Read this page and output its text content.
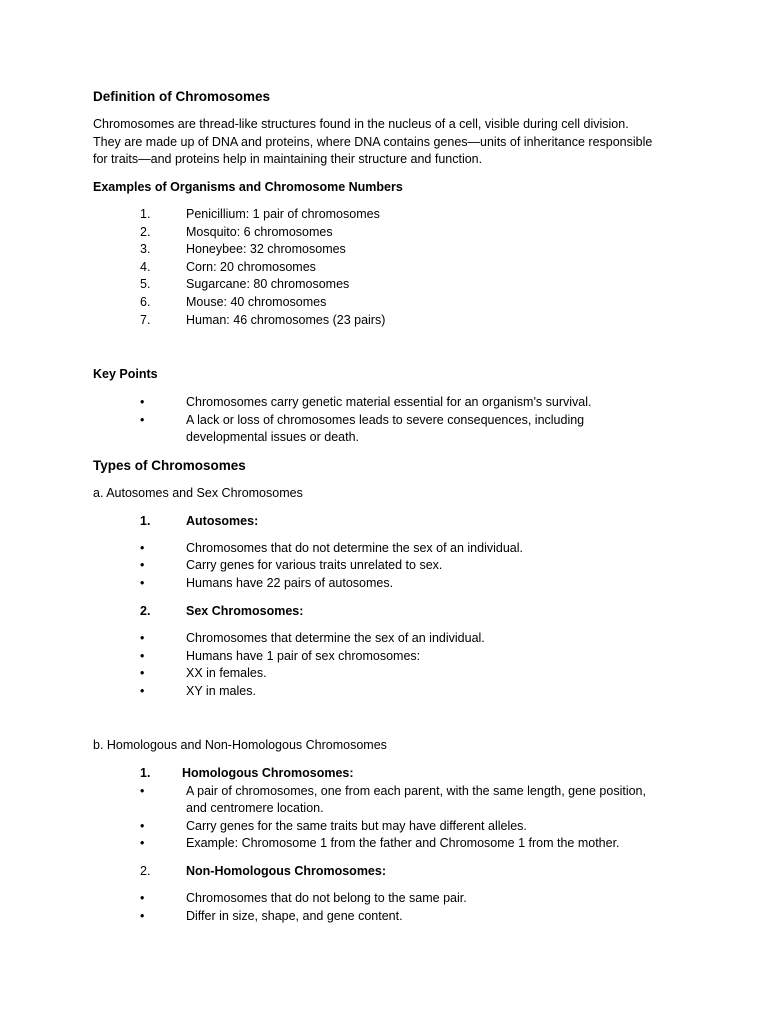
Definition of Chromosomes

Chromosomes are thread-like structures found in the nucleus of a cell, visible during cell division.

They are made up of DNA and proteins, where DNA contains genes—units of inheritance responsible

for traits—and proteins help in maintaining their structure and function.

Examples of Organisms and Chromosome Numbers

1.	Penicillium: 1 pair of chromosomes
2.	Mosquito: 6 chromosomes
3.	Honeybee: 32 chromosomes
4.	Corn: 20 chromosomes
5.	Sugarcane: 80 chromosomes
6.	Mouse: 40 chromosomes
7.	Human: 46 chromosomes (23 pairs)

Key Points

•
Chromosomes carry genetic material essential for an organism’s survival.
•
A lack or loss of chromosomes leads to severe consequences, including
developmental issues or death.

Types of Chromosomes

a. Autosomes and Sex Chromosomes

1.	Autosomes:
•
Chromosomes that do not determine the sex of an individual.
•
Carry genes for various traits unrelated to sex.
•
Humans have 22 pairs of autosomes.
2.	Sex Chromosomes:
•
Chromosomes that determine the sex of an individual.
•
Humans have 1 pair of sex chromosomes:
•
XX in females.
•
XY in males.

b. Homologous and Non-Homologous Chromosomes

1.	Homologous Chromosomes:
•
A pair of chromosomes, one from each parent, with the same length, gene position,
and centromere location.
•
Carry genes for the same traits but may have different alleles.
•
Example: Chromosome 1 from the father and Chromosome 1 from the mother.
2.	Non-Homologous Chromosomes:
•
Chromosomes that do not belong to the same pair.
•
Differ in size, shape, and gene content.
